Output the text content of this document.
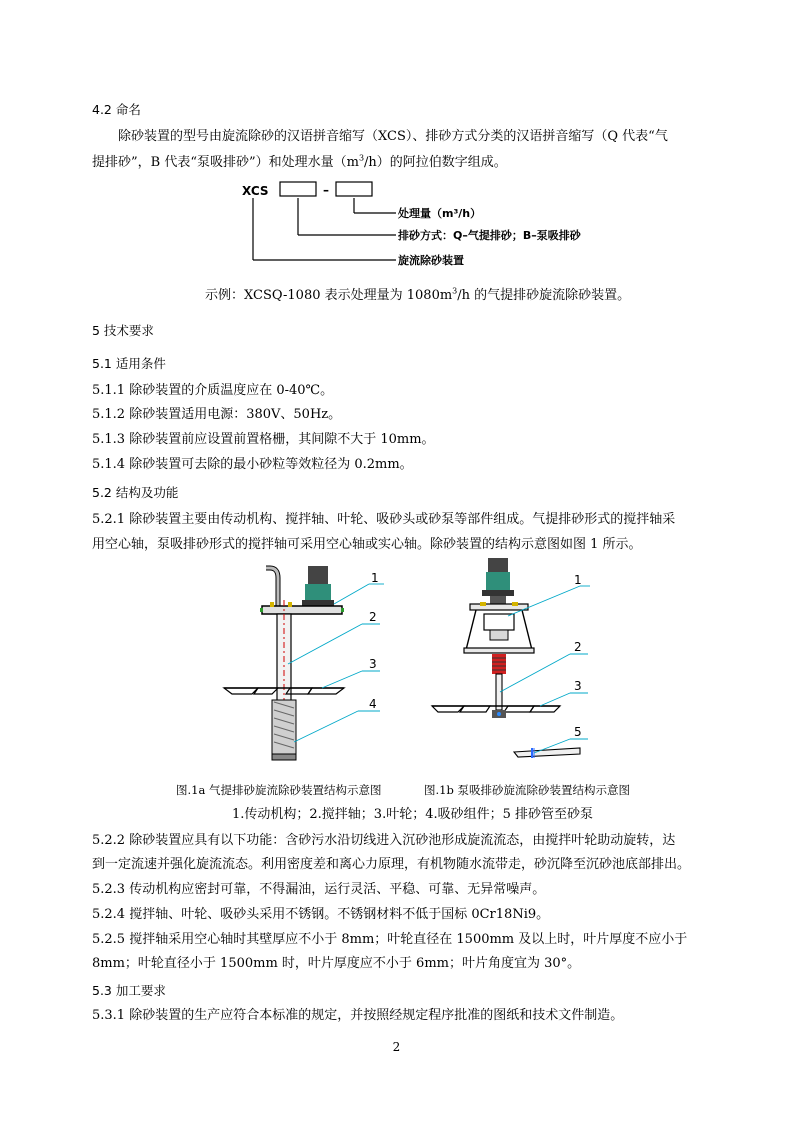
4.2 命名
除砂装置的型号由旋流除砂的汉语拼音缩写（XCS）、排砂方式分类的汉语拼音缩写（Q 代表“气
提排砂”，B 代表“泵吸排砂”）和处理水量$(m^3/h)$的阿拉伯数字组成。
XCS	–
处理量（m³/h）
排砂方式：Q–气提排砂；B–泵吸排砂
旋流除砂装置
示例：XCSQ-1080 表示处理量为 $1080m^3/h$ 的气提排砂旋流除砂装置。
5 技术要求
5.1 适用条件
5.1.1 除砂装置的介质温度应在 0-40℃。
5.1.2 除砂装置适用电源：380V、50Hz。
5.1.3 除砂装置前应设置前置格栅，其间隙不大于 10mm。
5.1.4 除砂装置可去除的最小砂粒等效粒径为 0.2mm。
5.2 结构及功能
5.2.1 除砂装置主要由传动机构、搅拌轴、叶轮、吸砂头或砂泵等部件组成。气提排砂形式的搅拌轴采
用空心轴，泵吸排砂形式的搅拌轴可采用空心轴或实心轴。除砂装置的结构示意图如图 1 所示。
1
2
3
4
1
2
3
5
图.1a 气提排砂旋流除砂装置结构示意图	图.1b 泵吸排砂旋流除砂装置结构示意图
1.传动机构；2.搅拌轴；3.叶轮；4.吸砂组件；5 排砂管至砂泵
5.2.2 除砂装置应具有以下功能：含砂污水沿切线进入沉砂池形成旋流流态，由搅拌叶轮助动旋转，达
到一定流速并强化旋流流态。利用密度差和离心力原理，有机物随水流带走，砂沉降至沉砂池底部排出。
5.2.3 传动机构应密封可靠，不得漏油，运行灵活、平稳、可靠、无异常噪声。
5.2.4 搅拌轴、叶轮、吸砂头采用不锈钢。不锈钢材料不低于国标 0Cr18Ni9。
5.2.5 搅拌轴采用空心轴时其壁厚应不小于 8mm；叶轮直径在 1500mm 及以上时，叶片厚度不应小于
8mm；叶轮直径小于 1500mm 时，叶片厚度应不小于 6mm；叶片角度宜为 30°。
5.3 加工要求
5.3.1 除砂装置的生产应符合本标准的规定，并按照经规定程序批准的图纸和技术文件制造。
2
